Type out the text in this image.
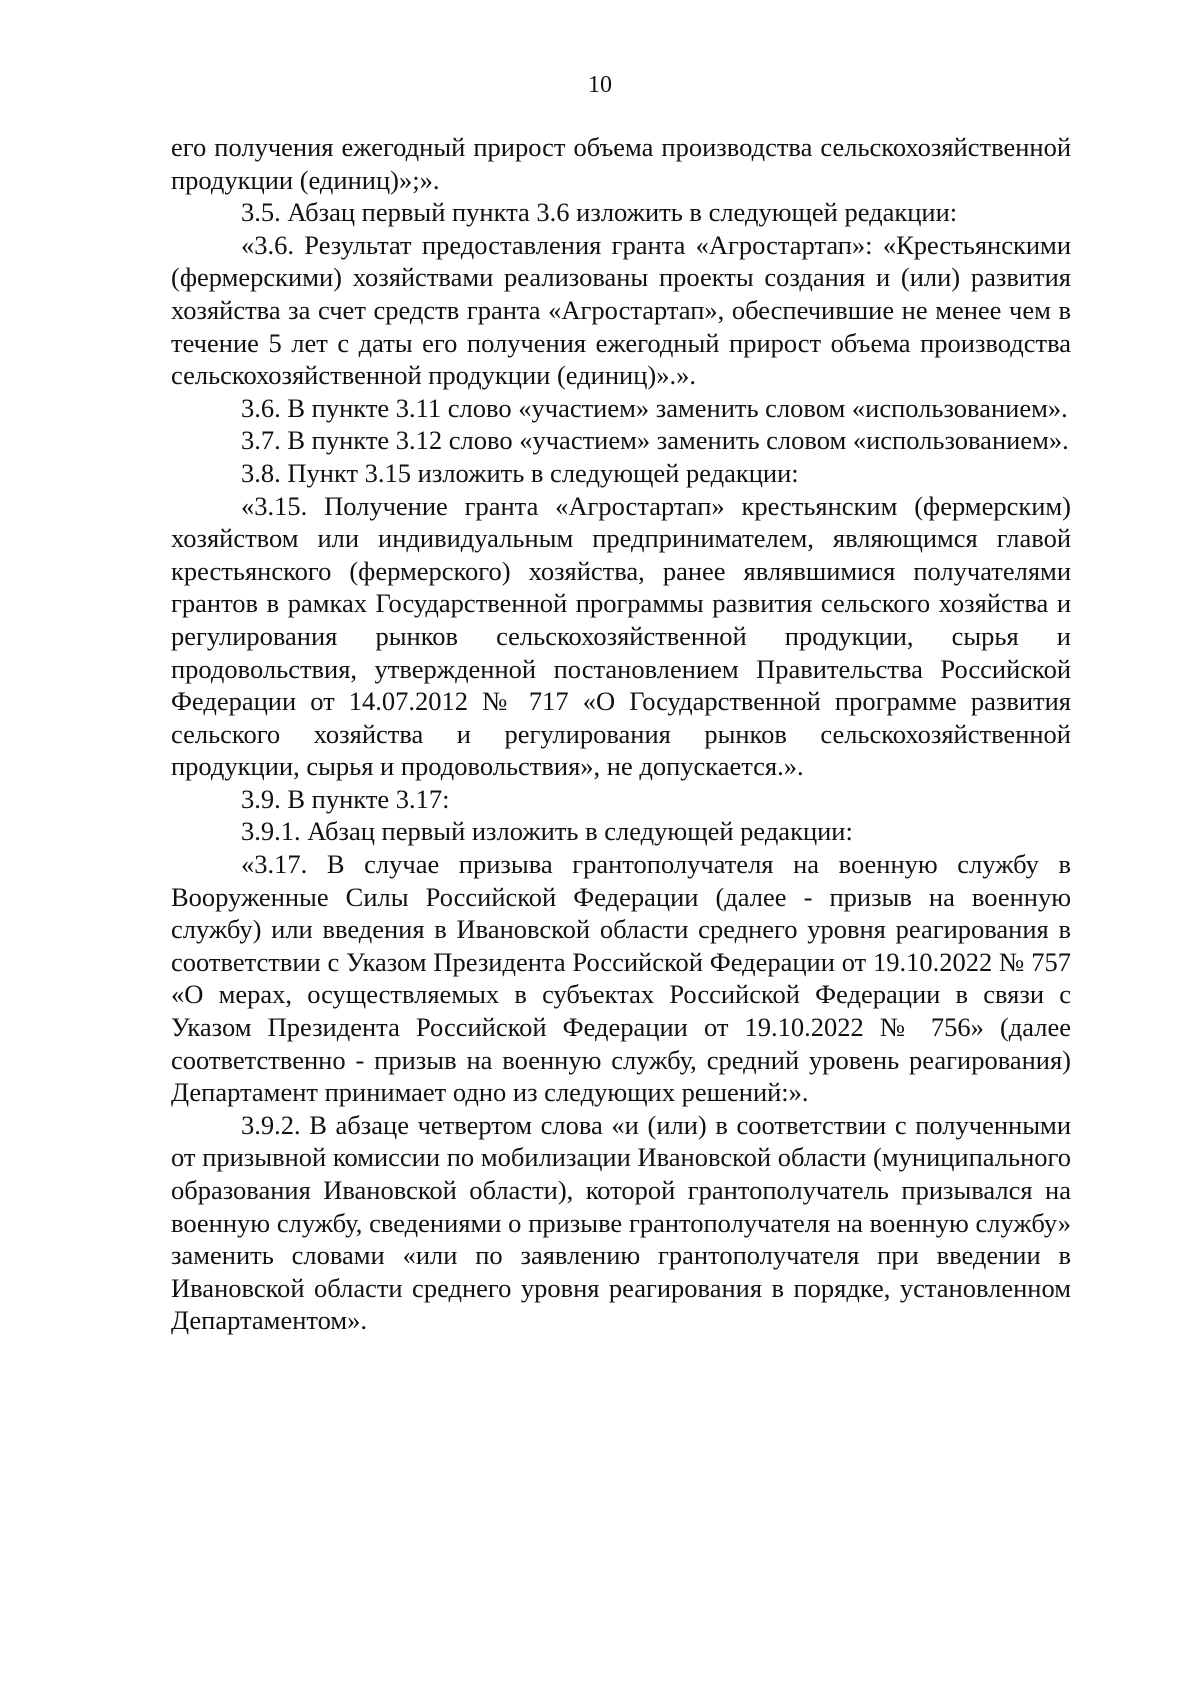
10

его получения ежегодный прирост объема производства сельскохозяйственной продукции (единиц)»;».

3.5. Абзац первый пункта 3.6 изложить в следующей редакции:

«3.6. Результат предоставления гранта «Агростартап»: «Крестьянскими (фермерскими) хозяйствами реализованы проекты создания и (или) развития хозяйства за счет средств гранта «Агростартап», обеспечившие не менее чем в течение 5 лет с даты его получения ежегодный прирост объема производства сельскохозяйственной продукции (единиц)».».

3.6. В пункте 3.11 слово «участием» заменить словом «использованием».

3.7. В пункте 3.12 слово «участием» заменить словом «использованием».

3.8. Пункт 3.15 изложить в следующей редакции:

«3.15. Получение гранта «Агростартап» крестьянским (фермерским) хозяйством или индивидуальным предпринимателем, являющимся главой крестьянского (фермерского) хозяйства, ранее являвшимися получателями грантов в рамках Государственной программы развития сельского хозяйства и регулирования рынков сельскохозяйственной продукции, сырья и продовольствия, утвержденной постановлением Правительства Российской Федерации от 14.07.2012 № 717 «О Государственной программе развития сельского хозяйства и регулирования рынков сельскохозяйственной продукции, сырья и продовольствия», не допускается.».

3.9. В пункте 3.17:

3.9.1. Абзац первый изложить в следующей редакции:

«3.17. В случае призыва грантополучателя на военную службу в Вооруженные Силы Российской Федерации (далее - призыв на военную службу) или введения в Ивановской области среднего уровня реагирования в соответствии с Указом Президента Российской Федерации от 19.10.2022 № 757 «О мерах, осуществляемых в субъектах Российской Федерации в связи с Указом Президента Российской Федерации от 19.10.2022 № 756» (далее соответственно - призыв на военную службу, средний уровень реагирования) Департамент принимает одно из следующих решений:».

3.9.2. В абзаце четвертом слова «и (или) в соответствии с полученными от призывной комиссии по мобилизации Ивановской области (муниципального образования Ивановской области), которой грантополучатель призывался на военную службу, сведениями о призыве грантополучателя на военную службу» заменить словами «или по заявлению грантополучателя при введении в Ивановской области среднего уровня реагирования в порядке, установленном Департаментом».
